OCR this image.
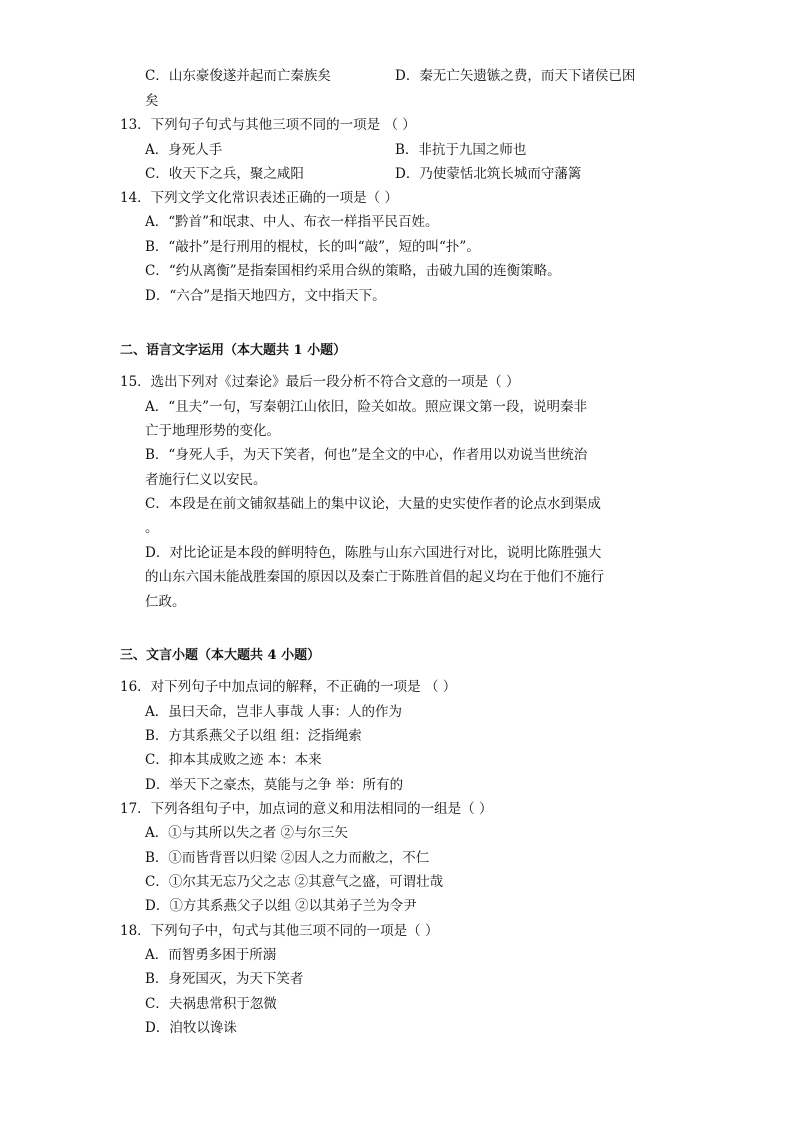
C．山东豪俊遂并起而亡秦族矣	D．秦无亡矢遗镞之费，而天下诸侯已困
矣
13．下列句子句式与其他三项不同的一项是 （ ）
A．身死人手	B．非抗于九国之师也
C．收天下之兵，聚之咸阳	D．乃使蒙恬北筑长城而守藩篱
14．下列文学文化常识表述正确的一项是（ ）
A．“黔首”和氓隶、中人、布衣一样指平民百姓。
B．“敲扑”是行刑用的棍杖，长的叫“敲”，短的叫“扑”。
C．“约从离衡”是指秦国相约采用合纵的策略，击破九国的连衡策略。
D．“六合”是指天地四方，文中指天下。
二、语言文字运用（本大题共 1 小题）
15．选出下列对《过秦论》最后一段分析不符合文意的一项是（ ）
A．“且夫”一句，写秦朝江山依旧，险关如故。照应课文第一段，说明秦非
亡于地理形势的变化。
B．“身死人手，为天下笑者，何也”是全文的中心，作者用以劝说当世统治
者施行仁义以安民。
C．本段是在前文铺叙基础上的集中议论，大量的史实使作者的论点水到渠成
。
D．对比论证是本段的鲜明特色，陈胜与山东六国进行对比，说明比陈胜强大
的山东六国未能战胜秦国的原因以及秦亡于陈胜首倡的起义均在于他们不施行
仁政。
三、文言小题（本大题共 4 小题）
16．对下列句子中加点词的解释，不正确的一项是 （ ）
A．虽曰天命，岂非人事哉 人事：人的作为
B．方其系燕父子以组 组：泛指绳索
C．抑本其成败之迹 本：本来
D．举天下之豪杰，莫能与之争 举：所有的
17．下列各组句子中，加点词的意义和用法相同的一组是（ ）
A．①与其所以失之者 ②与尔三矢
B．①而皆背晋以归梁 ②因人之力而敝之，不仁
C．①尔其无忘乃父之志 ②其意气之盛，可谓壮哉
D．①方其系燕父子以组 ②以其弟子兰为令尹
18．下列句子中，句式与其他三项不同的一项是（ ）
A．而智勇多困于所溺
B．身死国灭，为天下笑者
C．夫祸患常积于忽微
D．洎牧以谗诛
